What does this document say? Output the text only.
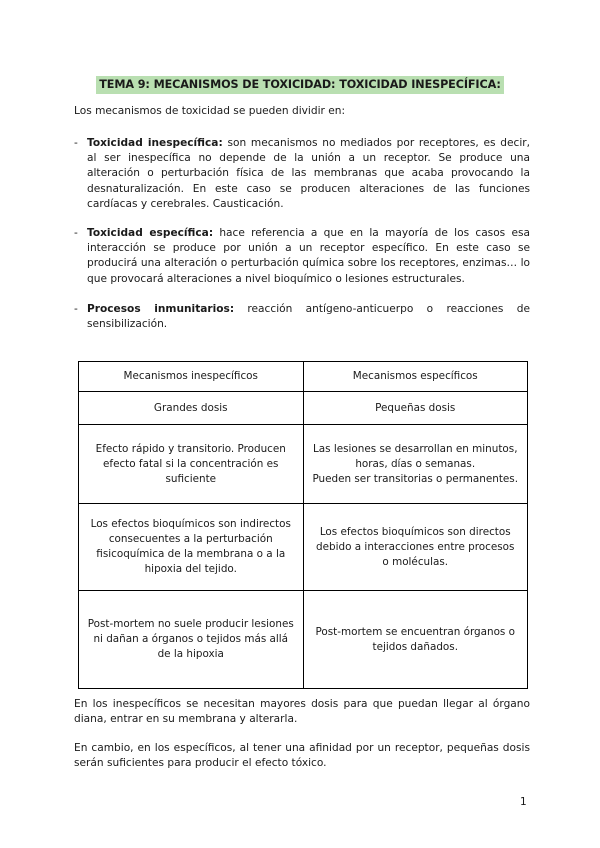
TEMA 9: MECANISMOS DE TOXICIDAD: TOXICIDAD INESPECÍFICA:
Los mecanismos de toxicidad se pueden dividir en:
- Toxicidad inespecífica: son mecanismos no mediados por receptores, es decir, al ser inespecífica no depende de la unión a un receptor. Se produce una alteración o perturbación física de las membranas que acaba provocando la desnaturalización. En este caso se producen alteraciones de las funciones cardíacas y cerebrales. Causticación.
- Toxicidad específica: hace referencia a que en la mayoría de los casos esa interacción se produce por unión a un receptor específico. En este caso se producirá una alteración o perturbación química sobre los receptores, enzimas… lo que provocará alteraciones a nivel bioquímico o lesiones estructurales.
- Procesos inmunitarios: reacción antígeno-anticuerpo o reacciones de sensibilización.
Mecanismos inespecíficos	Mecanismos específicos
Grandes dosis	Pequeñas dosis
Efecto rápido y transitorio. Producen efecto fatal si la concentración es suficiente	Las lesiones se desarrollan en minutos, horas, días o semanas.
Pueden ser transitorias o permanentes.
Los efectos bioquímicos son indirectos consecuentes a la perturbación fisicoquímica de la membrana o a la hipoxia del tejido.	Los efectos bioquímicos son directos debido a interacciones entre procesos o moléculas.
Post-mortem no suele producir lesiones ni dañan a órganos o tejidos más allá de la hipoxia	Post-mortem se encuentran órganos o tejidos dañados.
En los inespecíficos se necesitan mayores dosis para que puedan llegar al órgano diana, entrar en su membrana y alterarla.
En cambio, en los específicos, al tener una afinidad por un receptor, pequeñas dosis serán suficientes para producir el efecto tóxico.
1
